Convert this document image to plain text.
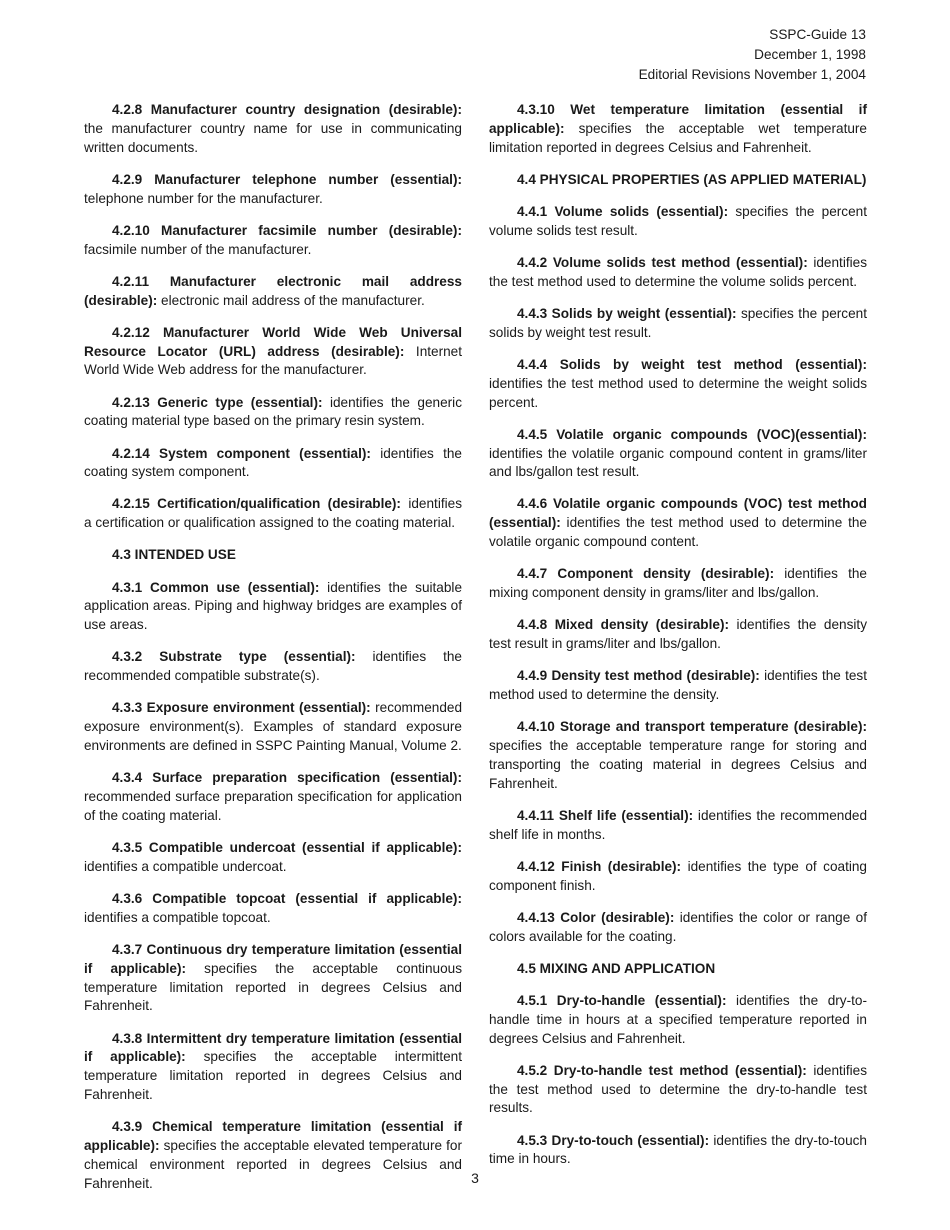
SSPC-Guide 13
December 1, 1998
Editorial Revisions November 1, 2004

4.2.8 Manufacturer country designation (desirable): the manufacturer country name for use in communicating written documents.

4.2.9 Manufacturer telephone number (essential): telephone number for the manufacturer.

4.2.10 Manufacturer facsimile number (desirable): facsimile number of the manufacturer.

4.2.11 Manufacturer electronic mail address (desirable): electronic mail address of the manufacturer.

4.2.12 Manufacturer World Wide Web Universal Resource Locator (URL) address (desirable): Internet World Wide Web address for the manufacturer.

4.2.13 Generic type (essential): identifies the generic coating material type based on the primary resin system.

4.2.14 System component (essential): identifies the coating system component.

4.2.15 Certification/qualification (desirable): identifies a certification or qualification assigned to the coating material.

4.3 INTENDED USE

4.3.1 Common use (essential): identifies the suitable application areas. Piping and highway bridges are examples of use areas.

4.3.2 Substrate type (essential): identifies the recommended compatible substrate(s).

4.3.3 Exposure environment (essential): recommended exposure environment(s). Examples of standard exposure environments are defined in SSPC Painting Manual, Volume 2.

4.3.4 Surface preparation specification (essential): recommended surface preparation specification for application of the coating material.

4.3.5 Compatible undercoat (essential if applicable): identifies a compatible undercoat.

4.3.6 Compatible topcoat (essential if applicable): identifies a compatible topcoat.

4.3.7 Continuous dry temperature limitation (essential if applicable): specifies the acceptable continuous temperature limitation reported in degrees Celsius and Fahrenheit.

4.3.8 Intermittent dry temperature limitation (essential if applicable): specifies the acceptable intermittent temperature limitation reported in degrees Celsius and Fahrenheit.

4.3.9 Chemical temperature limitation (essential if applicable): specifies the acceptable elevated temperature for chemical environment reported in degrees Celsius and Fahrenheit.

4.3.10 Wet temperature limitation (essential if applicable): specifies the acceptable wet temperature limitation reported in degrees Celsius and Fahrenheit.

4.4 PHYSICAL PROPERTIES (AS APPLIED MATERIAL)

4.4.1 Volume solids (essential): specifies the percent volume solids test result.

4.4.2 Volume solids test method (essential): identifies the test method used to determine the volume solids percent.

4.4.3 Solids by weight (essential): specifies the percent solids by weight test result.

4.4.4 Solids by weight test method (essential): identifies the test method used to determine the weight solids percent.

4.4.5 Volatile organic compounds (VOC)(essential): identifies the volatile organic compound content in grams/liter and lbs/gallon test result.

4.4.6 Volatile organic compounds (VOC) test method (essential): identifies the test method used to determine the volatile organic compound content.

4.4.7 Component density (desirable): identifies the mixing component density in grams/liter and lbs/gallon.

4.4.8 Mixed density (desirable): identifies the density test result in grams/liter and lbs/gallon.

4.4.9 Density test method (desirable): identifies the test method used to determine the density.

4.4.10 Storage and transport temperature (desirable): specifies the acceptable temperature range for storing and transporting the coating material in degrees Celsius and Fahrenheit.

4.4.11 Shelf life (essential): identifies the recommended shelf life in months.

4.4.12 Finish (desirable): identifies the type of coating component finish.

4.4.13 Color (desirable): identifies the color or range of colors available for the coating.

4.5 MIXING AND APPLICATION

4.5.1 Dry-to-handle (essential): identifies the dry-to-handle time in hours at a specified temperature reported in degrees Celsius and Fahrenheit.

4.5.2 Dry-to-handle test method (essential): identifies the test method used to determine the dry-to-handle test results.

4.5.3 Dry-to-touch (essential): identifies the dry-to-touch time in hours.

3
